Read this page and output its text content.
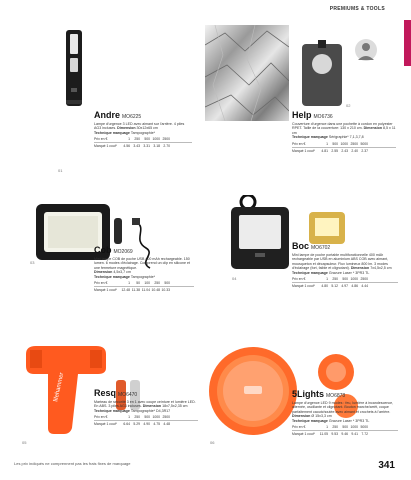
PREMIUMS & TOOLS
02
Andre MO6225
Lampe d'urgence 3 LED avec aimant sur l'arrière. 4 piles AG3 incluses. Dimension 30x12x65 cm
Technique marquage Tampographie*
Prix en €	1	250	500 1000 2500
Marqué 1 coul*	4.56 3.43 3.31 3.18 2.70
01
Help MO6736
Couverture d'urgence dans une pochette à cordon en polyester RPET. Taille de la couverture: 130 x 210 cm. Dimension 8,5 x 11 cm
Technique marquage Sérigraphie* 7,1,3,7,8
Prix en €	1	500 1000 2500 5000
Marqué 1 coul*	4.81 2.55 2.43 2.40 2.37
03
04
Cob MO2069
Mini lampe COB de poche USB 400 mAh rechargeable. 150 lumen. 6 modes d'éclairage. Comprend un clip en silicone et une fermeture magnétique.
Dimension 4,5x3,7 cm
Technique marquage Tampographie*
Prix en €	1	50	100	250	500
Marqué 1 coul*	12.48 11.38 11.04 10.48 10.33
Boc MO6702
Mini lampe de poche portable multifonctionnelle 400 mAh rechargeable par USB en aluminium ABS COB avec aimant, mousqueton et décapsuleur. Flux lumineux 800 lm. 3 modes d'éclairage (fort, faible et clignotant). Dimension 7x4,5x2,5 cm
Technique marquage Gravure Laser * 3PR3 TL
Prix en €	1	250	500 1000 2500
Marqué 1 coul*	4.80 5.12 4.97 4.86 4.44
lifehammer
05	06
Resq MO6470
Marteau de sécurité 3 en 1 avec coupe ceinture et lumière LED. En ABS. 3 piles AG3 incluses. Dimension 18x7,5x2,35 cm
Technique marquage Tampographie* D4,3R17
Prix en €	1	250	500 1000 2500
Marqué 1 coul*	6.64 5.29 4.90 4.75 4.48
5Lights MO6878
Lampe d'urgence LED 9 modes : feu, lumière à incandescence, alternée, oscillante et clignotant. Bouton marche/arrêt, coque parfaitement caoutchoutée avec aimant et crochets à l'arrière. Dimension Ø 15x3,3 cm
Technique marquage Gravure Laser * 3PR3 TL
Prix en €	1	250	500 1000 5000
Marqué 1 coul*	11.05 9.53 9.46 9.41 7.72
Les prix indiqués ne comprennent pas les frais fixes de marquage	341
